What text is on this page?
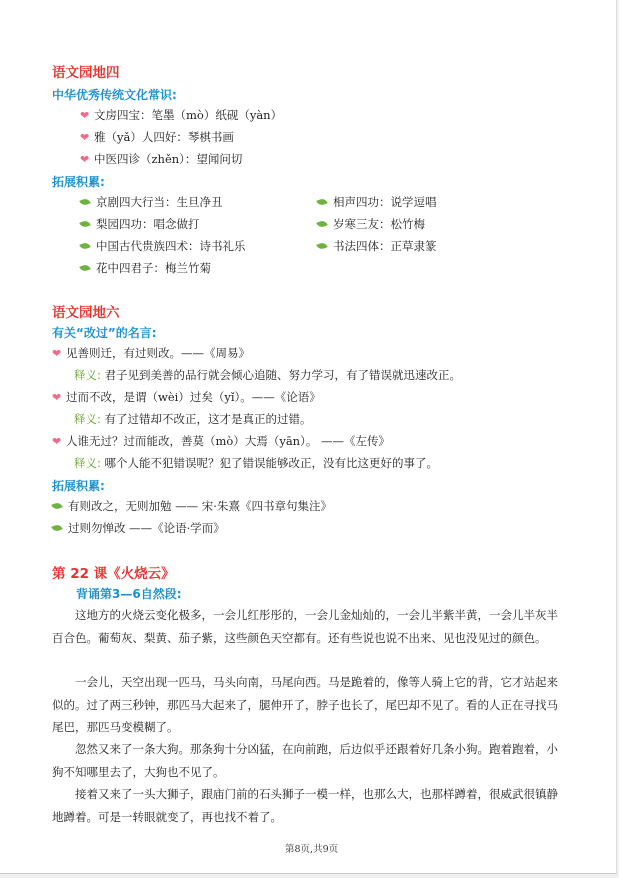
语文园地四
中华优秀传统文化常识:
❤ 文房四宝：笔墨（mò）纸砚（yàn）
❤ 雅（yǎ）人四好：琴棋书画
❤ 中医四诊（zhěn）：望闻问切
拓展积累:
京剧四大行当：生旦净丑
梨园四功：唱念做打
中国古代贵族四术：诗书礼乐
花中四君子：梅兰竹菊
相声四功：说学逗唱
岁寒三友：松竹梅
书法四体：正草隶篆
语文园地六
有关“改过”的名言:
❤ 见善则迁，有过则改。——《周易》
释义: 君子见到美善的品行就会倾心追随、努力学习，有了错误就迅速改正。
❤ 过而不改，是谓（wèi）过矣（yǐ）。——《论语》
释义: 有了过错却不改正，这才是真正的过错。
❤ 人谁无过？过而能改，善莫（mò）大焉（yān）。 ——《左传》
释义: 哪个人能不犯错误呢？犯了错误能够改正，没有比这更好的事了。
拓展积累:
有则改之，无则加勉 —— 宋·朱熹《四书章句集注》
过则勿惮改 ——《论语·学而》
第 22 课《火烧云》
背诵第3—6自然段:

这地方的火烧云变化极多，一会儿红彤彤的，一会儿金灿灿的，一会儿半紫半黄，一会儿半灰半百合色。葡萄灰、梨黄、茄子紫，这些颜色天空都有。还有些说也说不出来、见也没见过的颜色。

一会儿，天空出现一匹马，马头向南，马尾向西。马是跪着的，像等人骑上它的背，它才站起来似的。过了两三秒钟，那匹马大起来了，腿伸开了，脖子也长了，尾巴却不见了。看的人正在寻找马尾巴，那匹马变模糊了。

忽然又来了一条大狗。那条狗十分凶猛，在向前跑，后边似乎还跟着好几条小狗。跑着跑着，小狗不知哪里去了，大狗也不见了。

接着又来了一头大狮子，跟庙门前的石头狮子一模一样，也那么大，也那样蹲着，很威武很镇静地蹲着。可是一转眼就变了，再也找不着了。

第8页,共9页
